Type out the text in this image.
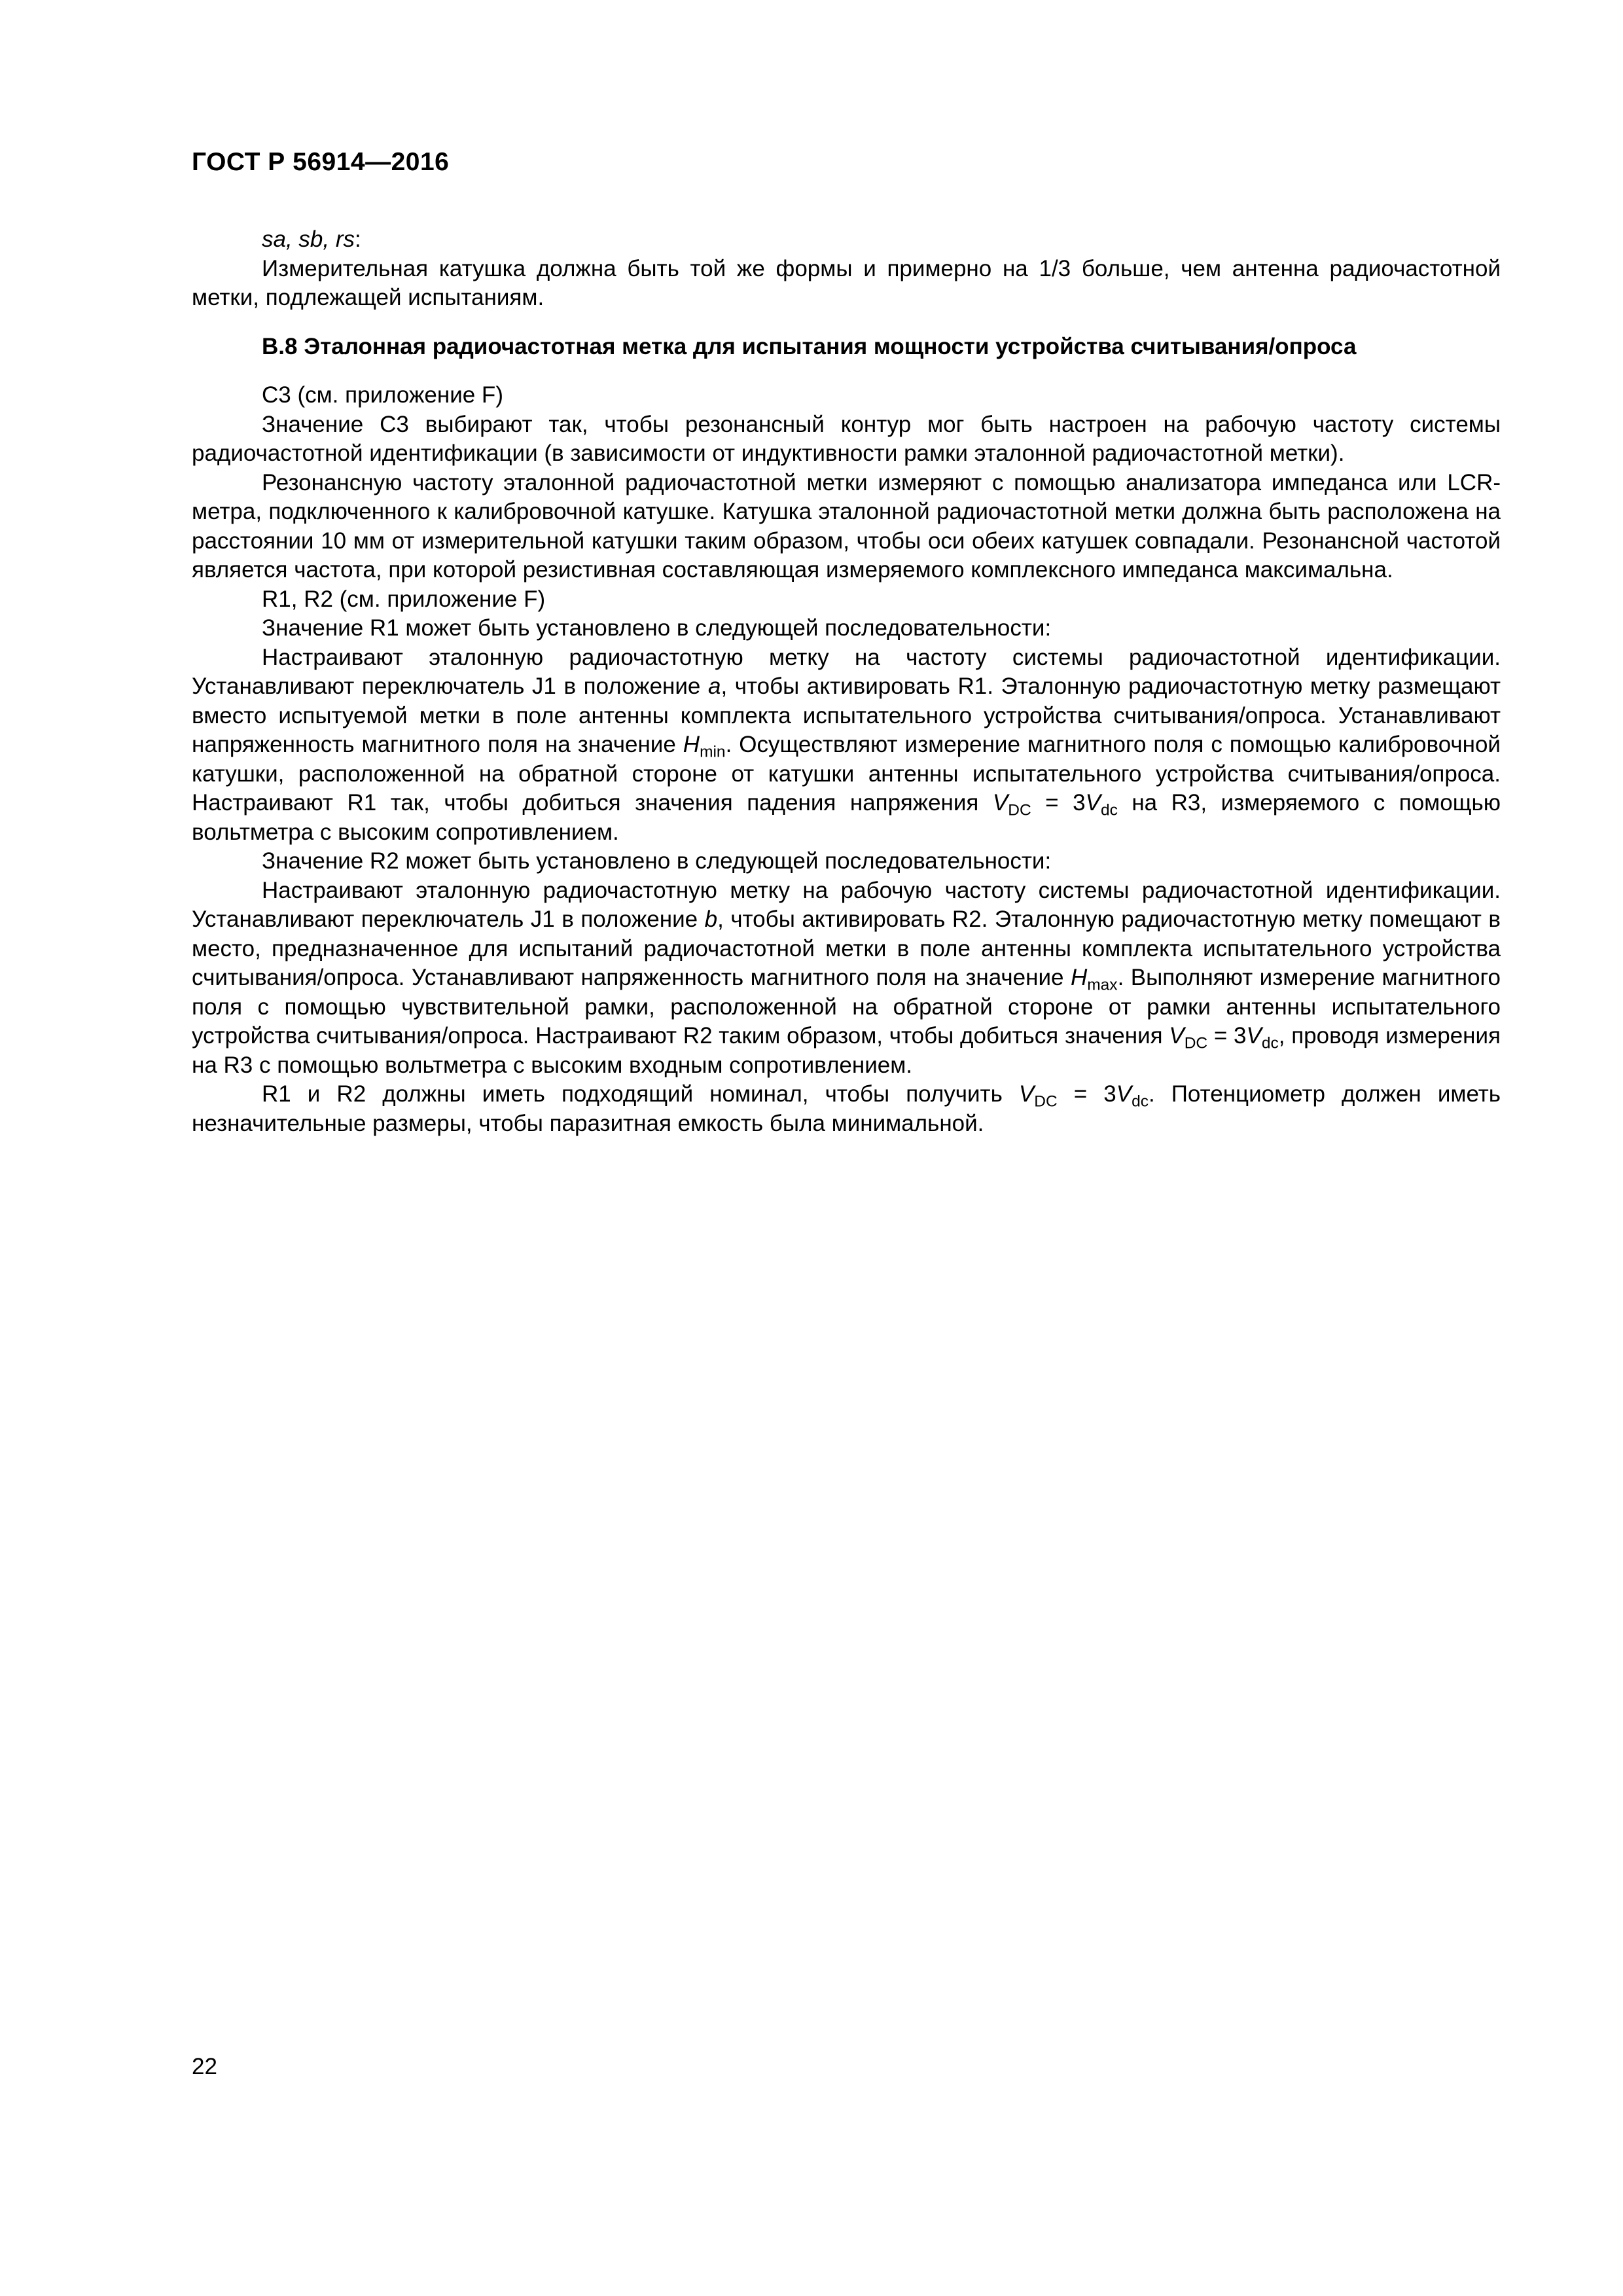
ГОСТ Р 56914—2016

sa, sb, rs:

Измерительная катушка должна быть той же формы и примерно на 1/3 больше, чем антенна радиочастотной метки, подлежащей испытаниям.

В.8 Эталонная радиочастотная метка для испытания мощности устройства считывания/опроса

С3 (см. приложение F)

Значение С3 выбирают так, чтобы резонансный контур мог быть настроен на рабочую частоту системы радиочастотной идентификации (в зависимости от индуктивности рамки эталонной радиочастотной метки).

Резонансную частоту эталонной радиочастотной метки измеряют с помощью анализатора импеданса или LCR-метра, подключенного к калибровочной катушке. Катушка эталонной радиочастотной метки должна быть расположена на расстоянии 10 мм от измерительной катушки таким образом, чтобы оси обеих катушек совпадали. Резонансной частотой является частота, при которой резистивная составляющая измеряемого комплексного импеданса максимальна.

R1, R2 (см. приложение F)

Значение R1 может быть установлено в следующей последовательности:

Настраивают эталонную радиочастотную метку на частоту системы радиочастотной идентификации. Устанавливают переключатель J1 в положение a, чтобы активировать R1. Эталонную радиочастотную метку размещают вместо испытуемой метки в поле антенны комплекта испытательного устройства считывания/опроса. Устанавливают напряженность магнитного поля на значение $H_{min}$. Осуществляют измерение магнитного поля с помощью калибровочной катушки, расположенной на обратной стороне от катушки антенны испытательного устройства считывания/опроса. Настраивают R1 так, чтобы добиться значения падения напряжения $V_{DC} = 3V_{dc}$ на R3, измеряемого с помощью вольтметра с высоким сопротивлением.

Значение R2 может быть установлено в следующей последовательности:

Настраивают эталонную радиочастотную метку на рабочую частоту системы радиочастотной идентификации. Устанавливают переключатель J1 в положение b, чтобы активировать R2. Эталонную радиочастотную метку помещают в место, предназначенное для испытаний радиочастотной метки в поле антенны комплекта испытательного устройства считывания/опроса. Устанавливают напряженность магнитного поля на значение $H_{max}$. Выполняют измерение магнитного поля с помощью чувствительной рамки, расположенной на обратной стороне от рамки антенны испытательного устройства считывания/опроса. Настраивают R2 таким образом, чтобы добиться значения $V_{DC} = 3V_{dc}$, проводя измерения на R3 с помощью вольтметра с высоким входным сопротивлением.

R1 и R2 должны иметь подходящий номинал, чтобы получить $V_{DC} = 3V_{dc}$. Потенциометр должен иметь незначительные размеры, чтобы паразитная емкость была минимальной.

22
